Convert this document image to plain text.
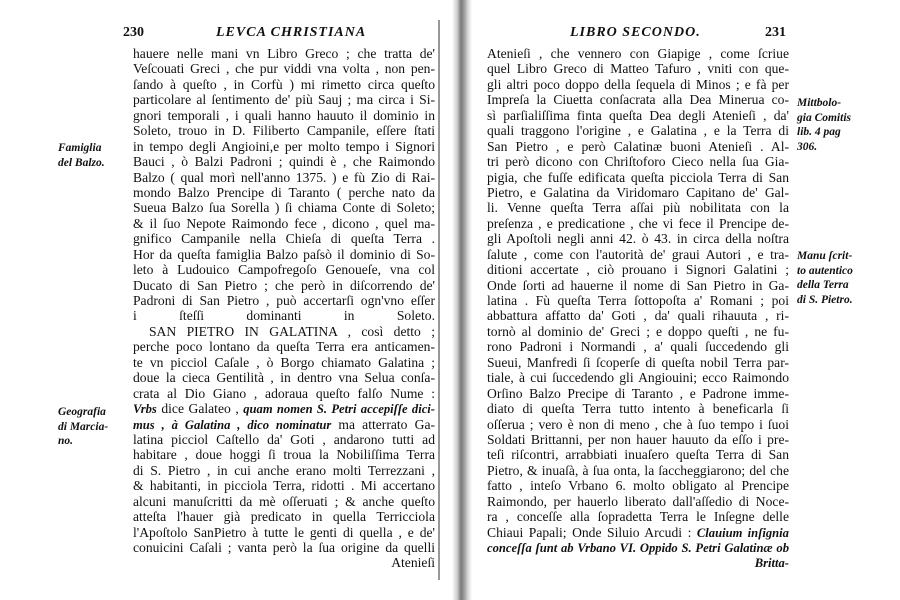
230	LEVCA CHRISTIANA
hauere nelle mani vn Libro Greco ; che tratta de'
Veſcouati Greci , che pur viddi vna volta , non pen-
ſando à queſto , in Corfù ) mi rimetto circa queſto
particolare al ſentimento de' più Sauj ; ma circa i Si-
gnori temporali , i quali hanno hauuto il dominio in
Soleto, trouo in D. Filiberto Campanile, eſſere ſtati
in tempo degli Angioini,e per molto tempo i Signori
Bauci , ò Balzi Padroni ; quindi è , che Raimondo
Balzo ( qual morì nell'anno 1375. ) e fù Zio di Rai-
mondo Balzo Prencipe di Taranto ( perche nato da
Sueua Balzo ſua Sorella ) ſi chiama Conte di Soleto;
& il ſuo Nepote Raimondo fece , dicono , quel ma-
gnifico Campanile nella Chieſa di queſta Terra .
Hor da queſta famiglia Balzo paſsò il dominio di So-
leto à Ludouico Campofregoſo Genoueſe, vna col
Ducato di San Pietro ; che però in diſcorrendo de'
Padroni di San Pietro , può accertarſi ogn'vno eſſer
i ſteſſi dominanti in Soleto.
SAN PIETRO IN GALATINA , così detto ;
perche poco lontano da queſta Terra era anticamen-
te vn picciol Caſale , ò Borgo chiamato Galatina ;
doue la cieca Gentilità , in dentro vna Selua conſa-
crata al Dio Giano , adoraua queſto falſo Nume :
Vrbs dice Galateo , quam nomen S. Petri accepiſſe dici-
mus , à Galatina , dico nominatur ma atterrato Ga-
latina picciol Caſtello da' Goti , andarono tutti ad
habitare , doue hoggi ſi troua la Nobiliſſima Terra
di S. Pietro , in cui anche erano molti Terrezzani ,
& habitanti, in picciola Terra, ridotti . Mi accertano
alcuni manuſcritti da mè oſſeruati ; & anche queſto
atteſta l'hauer già predicato in quella Terricciola
l'Apoſtolo SanPietro à tutte le genti di quella , e de'
conuicini Caſali ; vanta però la ſua origine da quelli
Atenieſi
Famiglia
del Balzo.
Geografia
di Marcia-
no.
LIBRO SECONDO.	231
Atenieſi , che vennero con Giapige , come ſcriue
quel Libro Greco di Matteo Tafuro , vniti con que-
gli altri poco doppo della ſequela di Minos ; e fà per
Impreſa la Ciuetta conſacrata alla Dea Minerua co-
sì parſialiſſima finta queſta Dea degli Atenieſi , da'
quali traggono l'origine , e Galatina , e la Terra di
San Pietro , e però Calatinæ buoni Atenieſi . Al-
tri però dicono con Chriſtoforo Cieco nella ſua Gia-
pigia, che fuſſe edificata queſta picciola Terra di San
Pietro, e Galatina da Viridomaro Capitano de' Gal-
li. Venne queſta Terra aſſai più nobilitata con la
preſenza , e predicatione , che vi fece il Prencipe de-
gli Apoſtoli negli anni 42. ò 43. in circa della noſtra
ſalute , come con l'autorità de' graui Autori , e tra-
ditioni accertate , ciò prouano i Signori Galatini ;
Onde ſorti ad hauerne il nome di San Pietro in Ga-
latina . Fù queſta Terra ſottopoſta a' Romani ; poi
abbattura affatto da' Goti , da' quali rihauuta , ri-
tornò al dominio de' Greci ; e doppo queſti , ne fu-
rono Padroni i Normandi , a' quali ſuccedendo gli
Sueui, Manfredi ſi ſcoperſe di queſta nobil Terra par-
tiale, à cui ſuccedendo gli Angiouini; ecco Raimondo
Orſino Balzo Precipe di Taranto , e Padrone imme-
diato di queſta Terra tutto intento à beneficarla ſi
oſſerua ; vero è non di meno , che à ſuo tempo i ſuoi
Soldati Brittanni, per non hauer hauuto da eſſo i pre-
teſi riſcontri, arrabbiati inuaſero queſta Terra di San
Pietro, & inuaſà, à ſua onta, la ſaccheggiarono; del che
fatto , inteſo Vrbano 6. molto obligato al Prencipe
Raimondo, per hauerlo liberato dall'aſſedio di Noce-
ra , conceſſe alla ſopradetta Terra le Inſegne delle
Chiaui Papali; Onde Siluio Arcudi : Clauium inſignia
conceſſa ſunt ab Vrbano VI. Oppido S. Petri Galatinæ ob
Britta-
Mittbolo-
gia Comitis
lib. 4 pag
306.
Manu ſcrit-
to autentico
della Terra
di S. Pietro.
